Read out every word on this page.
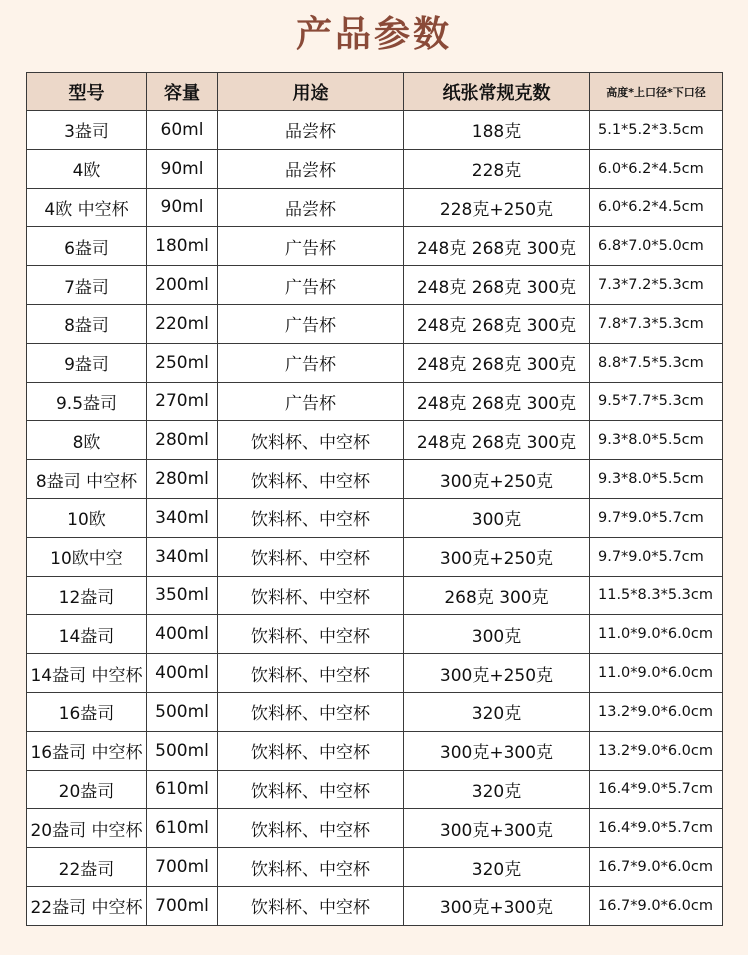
产品参数
型号	容量	用途	纸张常规克数	高度*上口径*下口径
3盎司	60ml	品尝杯	188克	5.1*5.2*3.5cm
4欧	90ml	品尝杯	228克	6.0*6.2*4.5cm
4欧 中空杯	90ml	品尝杯	228克+250克	6.0*6.2*4.5cm
6盎司	180ml	广告杯	248克 268克 300克	6.8*7.0*5.0cm
7盎司	200ml	广告杯	248克 268克 300克	7.3*7.2*5.3cm
8盎司	220ml	广告杯	248克 268克 300克	7.8*7.3*5.3cm
9盎司	250ml	广告杯	248克 268克 300克	8.8*7.5*5.3cm
9.5盎司	270ml	广告杯	248克 268克 300克	9.5*7.7*5.3cm
8欧	280ml	饮料杯、中空杯	248克 268克 300克	9.3*8.0*5.5cm
8盎司 中空杯	280ml	饮料杯、中空杯	300克+250克	9.3*8.0*5.5cm
10欧	340ml	饮料杯、中空杯	300克	9.7*9.0*5.7cm
10欧中空	340ml	饮料杯、中空杯	300克+250克	9.7*9.0*5.7cm
12盎司	350ml	饮料杯、中空杯	268克 300克	11.5*8.3*5.3cm
14盎司	400ml	饮料杯、中空杯	300克	11.0*9.0*6.0cm
14盎司 中空杯	400ml	饮料杯、中空杯	300克+250克	11.0*9.0*6.0cm
16盎司	500ml	饮料杯、中空杯	320克	13.2*9.0*6.0cm
16盎司 中空杯	500ml	饮料杯、中空杯	300克+300克	13.2*9.0*6.0cm
20盎司	610ml	饮料杯、中空杯	320克	16.4*9.0*5.7cm
20盎司 中空杯	610ml	饮料杯、中空杯	300克+300克	16.4*9.0*5.7cm
22盎司	700ml	饮料杯、中空杯	320克	16.7*9.0*6.0cm
22盎司 中空杯	700ml	饮料杯、中空杯	300克+300克	16.7*9.0*6.0cm
